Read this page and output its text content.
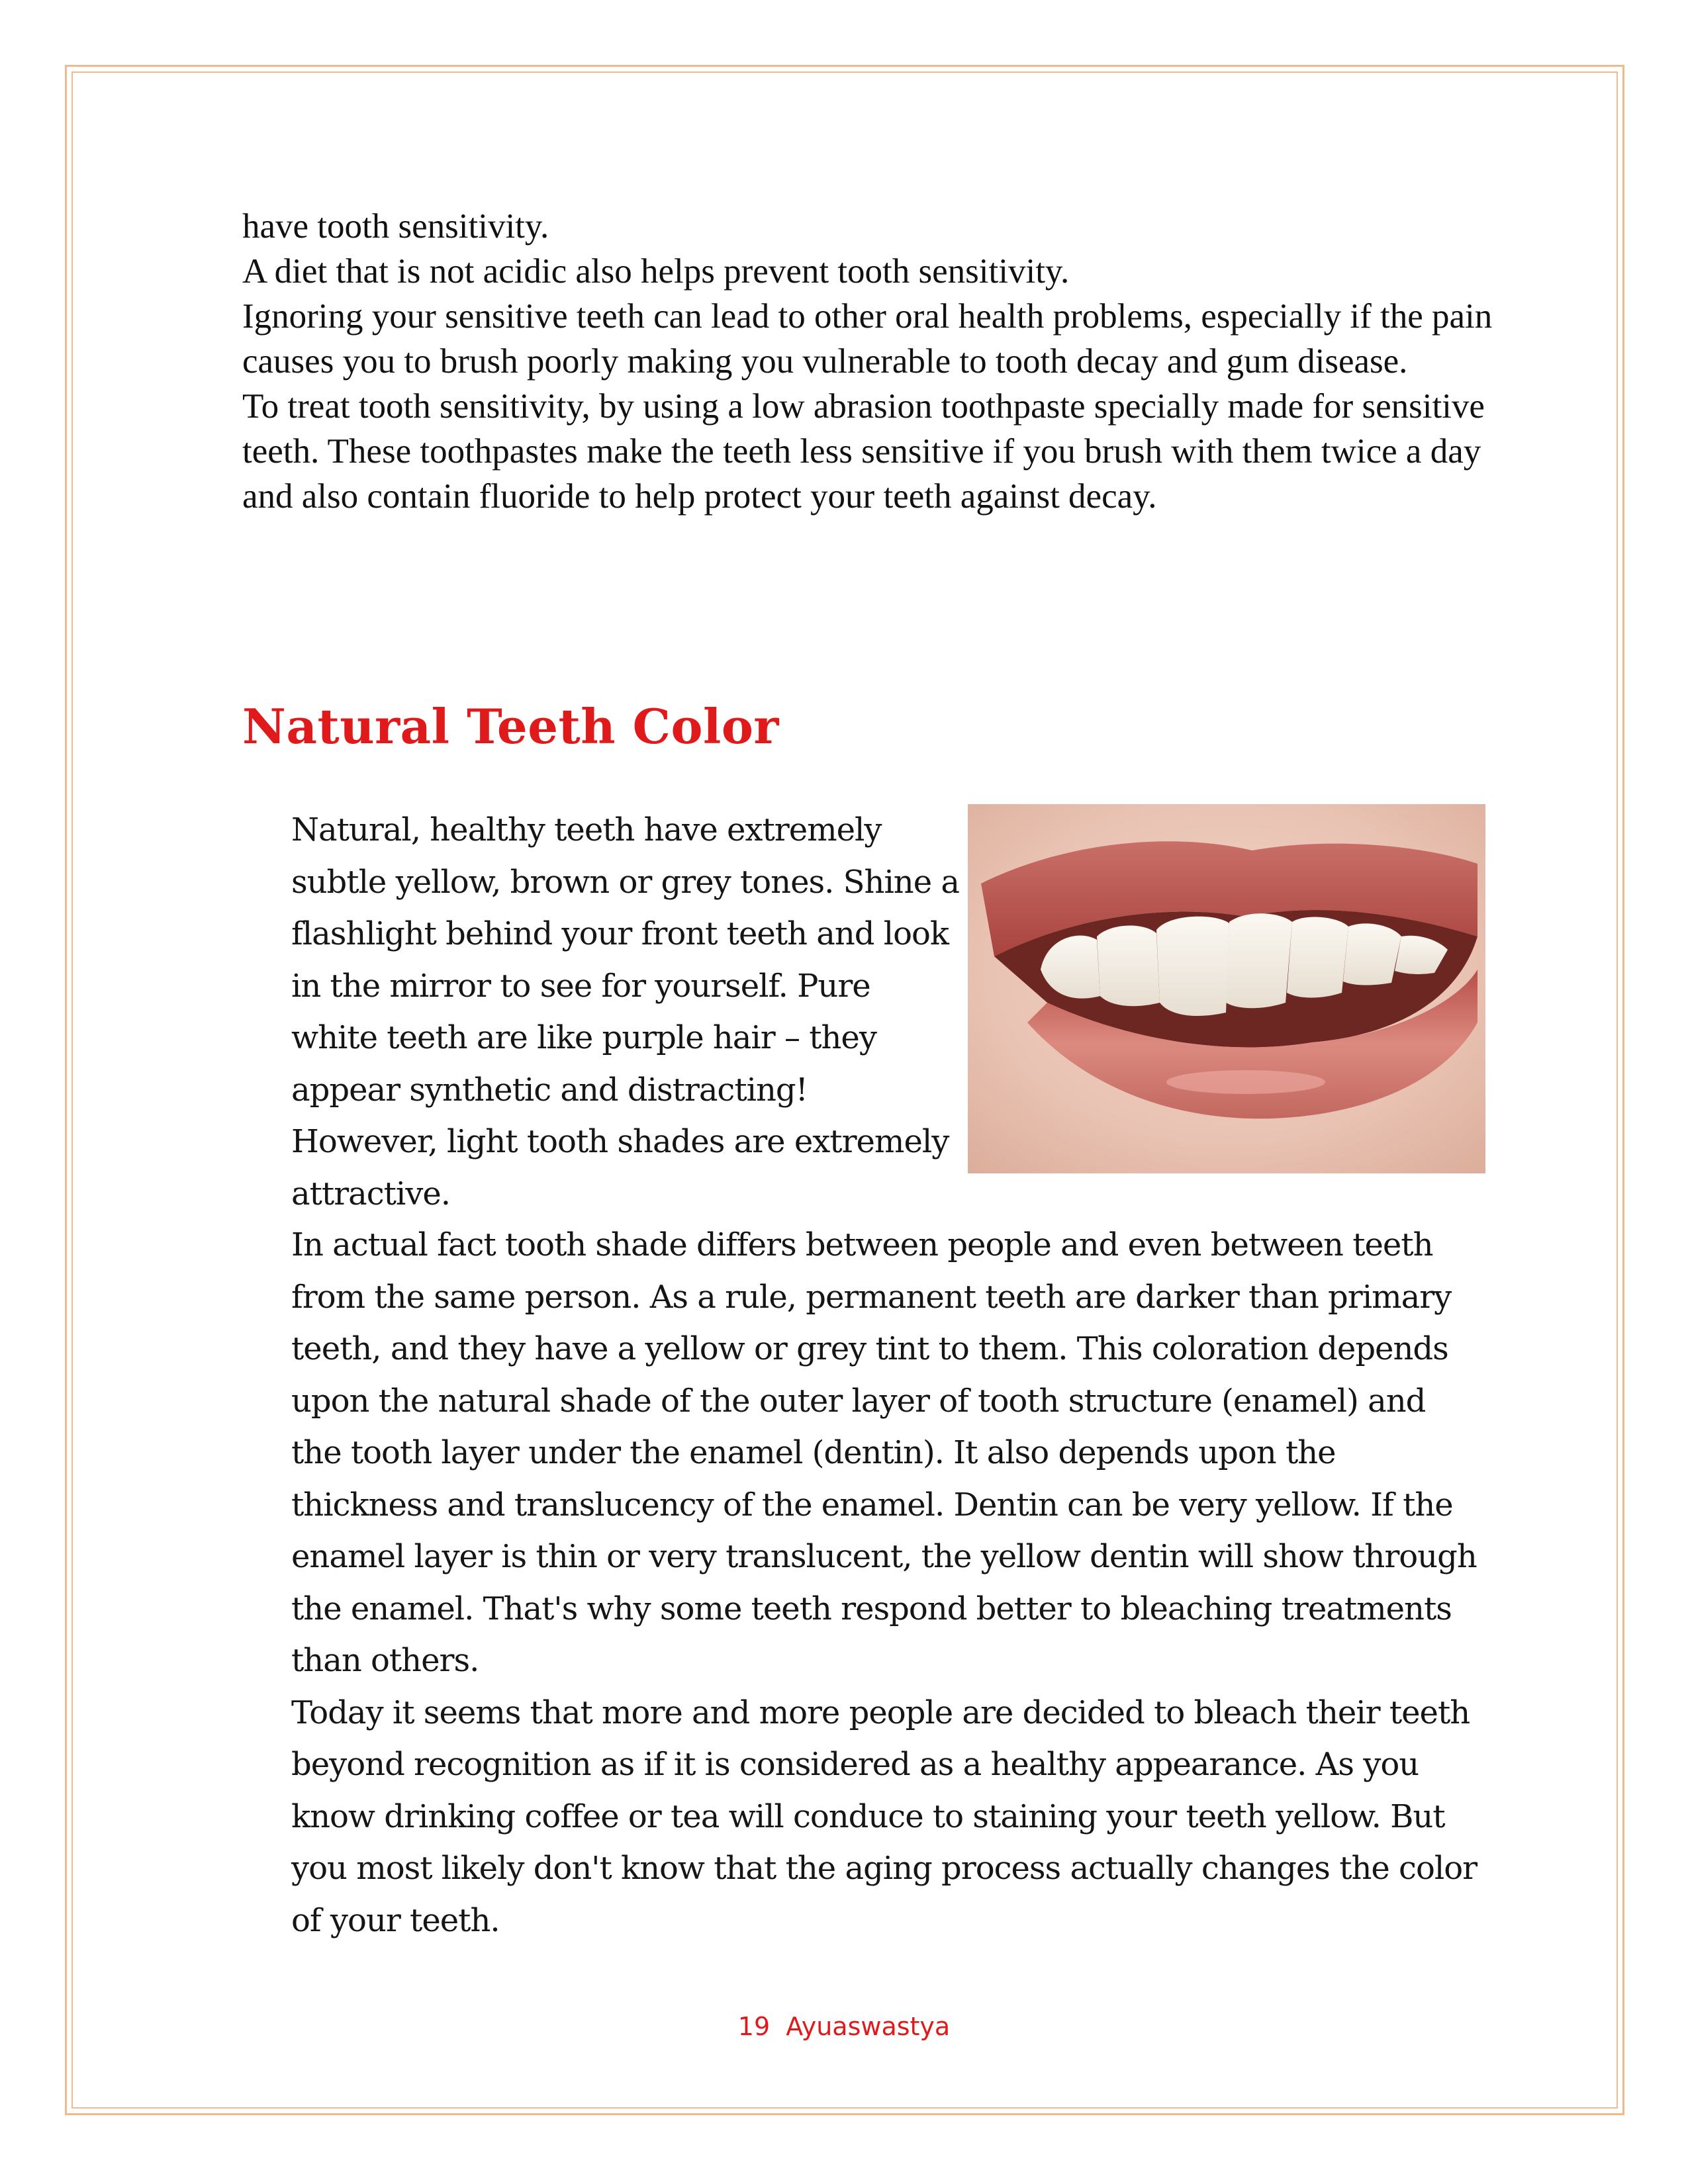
have tooth sensitivity.

A diet that is not acidic also helps prevent tooth sensitivity.

Ignoring your sensitive teeth can lead to other oral health problems, especially if the pain causes you to brush poorly making you vulnerable to tooth decay and gum disease.

To treat tooth sensitivity, by using a low abrasion toothpaste specially made for sensitive teeth. These toothpastes make the teeth less sensitive if you brush with them twice a day and also contain fluoride to help protect your teeth against decay.

Natural Teeth Color

Natural, healthy teeth have extremely subtle yellow, brown or grey tones. Shine a flashlight behind your front teeth and look in the mirror to see for yourself. Pure white teeth are like purple hair – they appear synthetic and distracting! However, light tooth shades are extremely attractive.

In actual fact tooth shade differs between people and even between teeth from the same person. As a rule, permanent teeth are darker than primary teeth, and they have a yellow or grey tint to them. This coloration depends upon the natural shade of the outer layer of tooth structure (enamel) and the tooth layer under the enamel (dentin). It also depends upon the thickness and translucency of the enamel. Dentin can be very yellow. If the enamel layer is thin or very translucent, the yellow dentin will show through the enamel. That's why some teeth respond better to bleaching treatments than others.

Today it seems that more and more people are decided to bleach their teeth beyond recognition as if it is considered as a healthy appearance. As you know drinking coffee or tea will conduce to staining your teeth yellow. But you most likely don't know that the aging process actually changes the color of your teeth.

19 Ayuaswastya
